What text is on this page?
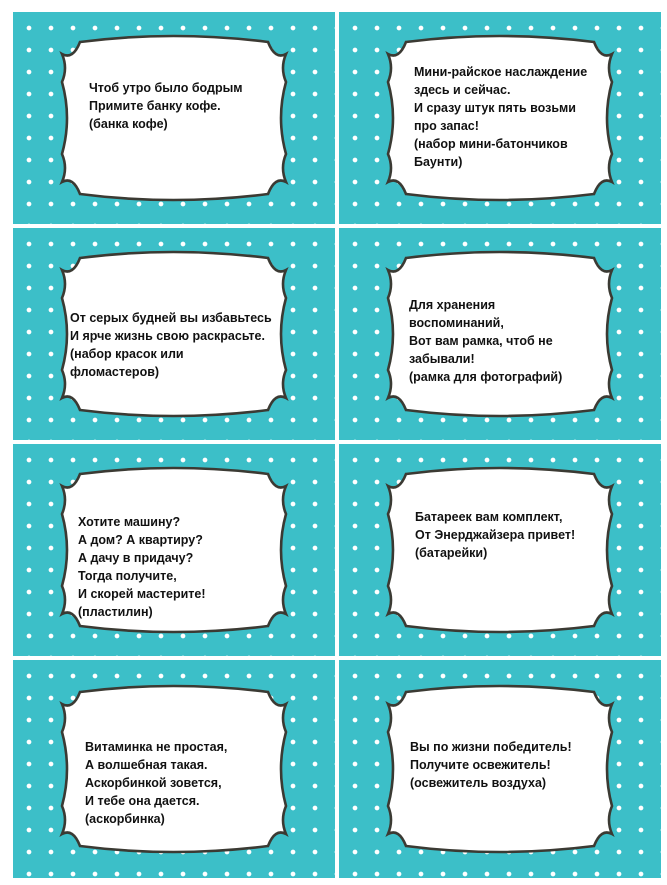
Чтоб утро было бодрым
Примите банку кофе.
(банка кофе)

Мини-райское наслаждение
здесь и сейчас.
И сразу штук пять возьми
про запас!
(набор мини-батончиков
Баунти)

От серых будней вы избавьтесь
И ярче жизнь свою раскрасьте.
(набор красок или
фломастеров)

Для хранения
воспоминаний,
Вот вам рамка, чтоб не
забывали!
(рамка для фотографий)

Хотите машину?
А дом? А квартиру?
А дачу в придачу?
Тогда получите,
И скорей мастерите!
(пластилин)

Батареек вам комплект,
От Энерджайзера привет!
(батарейки)

Витаминка не простая,
А волшебная такая.
Аскорбинкой зовется,
И тебе она дается.
(аскорбинка)

Вы по жизни победитель!
Получите освежитель!
(освежитель воздуха)
